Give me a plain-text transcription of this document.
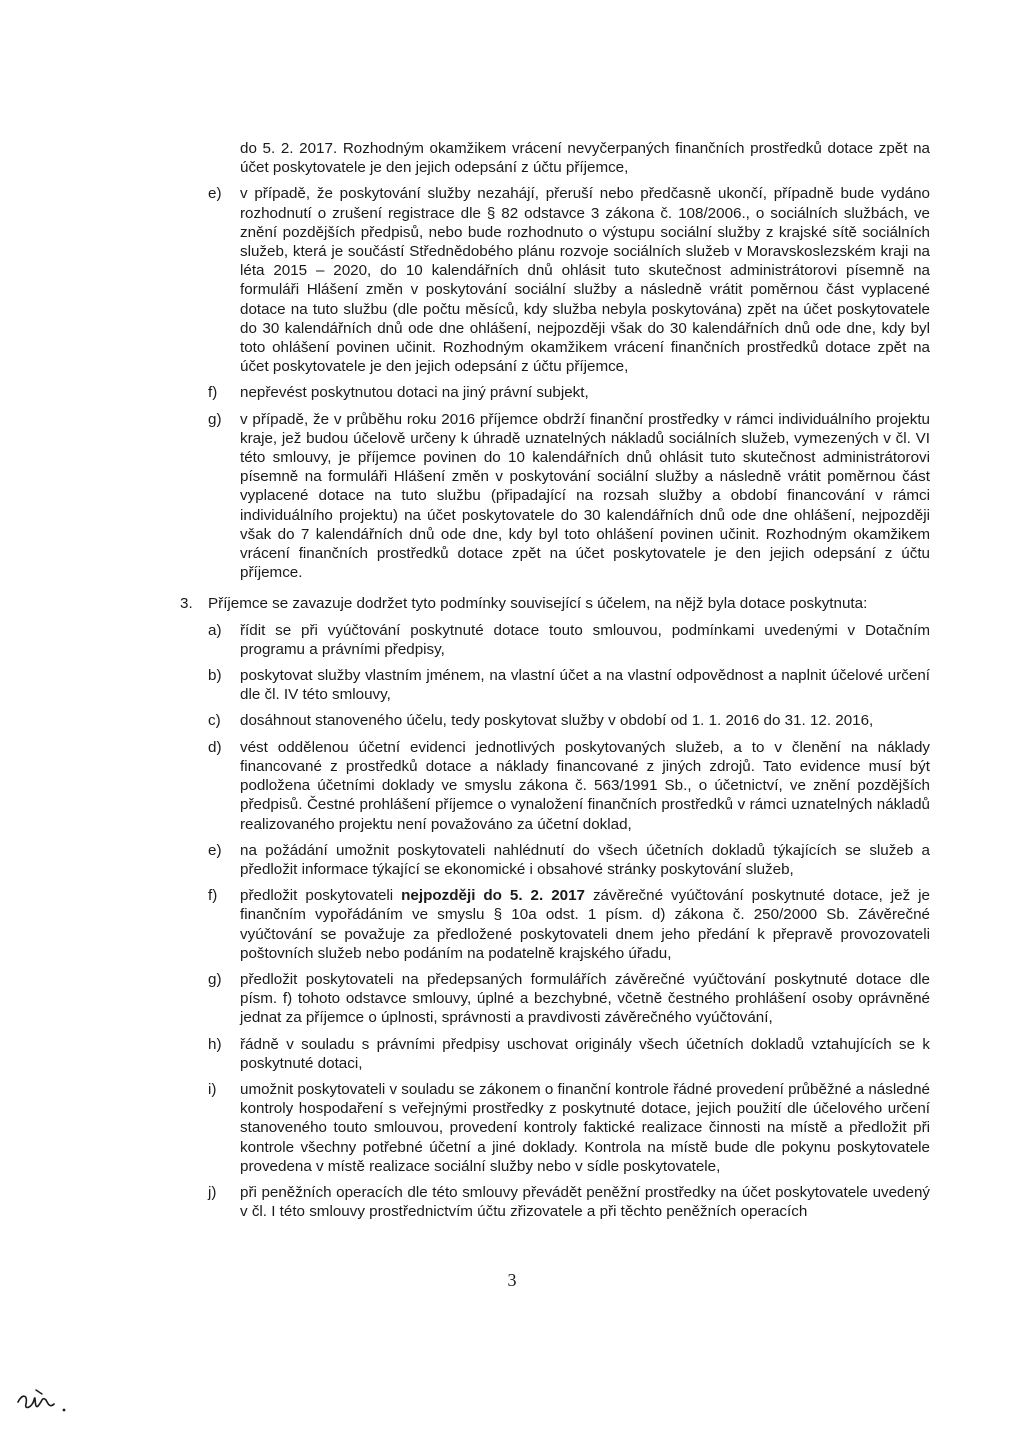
do 5. 2. 2017. Rozhodným okamžikem vrácení nevyčerpaných finančních prostředků dotace zpět na účet poskytovatele je den jejich odepsání z účtu příjemce,

e) v případě, že poskytování služby nezahájí, přeruší nebo předčasně ukončí, případně bude vydáno rozhodnutí o zrušení registrace dle § 82 odstavce 3 zákona č. 108/2006., o sociálních službách, ve znění pozdějších předpisů, nebo bude rozhodnuto o výstupu sociální služby z krajské sítě sociálních služeb, která je součástí Střednědobého plánu rozvoje sociálních služeb v Moravskoslezském kraji na léta 2015 – 2020, do 10 kalendářních dnů ohlásit tuto skutečnost administrátorovi písemně na formuláři Hlášení změn v poskytování sociální služby a následně vrátit poměrnou část vyplacené dotace na tuto službu (dle počtu měsíců, kdy služba nebyla poskytována) zpět na účet poskytovatele do 30 kalendářních dnů ode dne ohlášení, nejpozději však do 30 kalendářních dnů ode dne, kdy byl toto ohlášení povinen učinit. Rozhodným okamžikem vrácení finančních prostředků dotace zpět na účet poskytovatele je den jejich odepsání z účtu příjemce,

f) nepřevést poskytnutou dotaci na jiný právní subjekt,

g) v případě, že v průběhu roku 2016 příjemce obdrží finanční prostředky v rámci individuálního projektu kraje, jež budou účelově určeny k úhradě uznatelných nákladů sociálních služeb, vymezených v čl. VI této smlouvy, je příjemce povinen do 10 kalendářních dnů ohlásit tuto skutečnost administrátorovi písemně na formuláři Hlášení změn v poskytování sociální služby a následně vrátit poměrnou část vyplacené dotace na tuto službu (připadající na rozsah služby a období financování v rámci individuálního projektu) na účet poskytovatele do 30 kalendářních dnů ode dne ohlášení, nejpozději však do 7 kalendářních dnů ode dne, kdy byl toto ohlášení povinen učinit. Rozhodným okamžikem vrácení finančních prostředků dotace zpět na účet poskytovatele je den jejich odepsání z účtu příjemce.

3. Příjemce se zavazuje dodržet tyto podmínky související s účelem, na nějž byla dotace poskytnuta:

a) řídit se při vyúčtování poskytnuté dotace touto smlouvou, podmínkami uvedenými v Dotačním programu a právními předpisy,

b) poskytovat služby vlastním jménem, na vlastní účet a na vlastní odpovědnost a naplnit účelové určení dle čl. IV této smlouvy,

c) dosáhnout stanoveného účelu, tedy poskytovat služby v období od 1. 1. 2016 do 31. 12. 2016,

d) vést oddělenou účetní evidenci jednotlivých poskytovaných služeb, a to v členění na náklady financované z prostředků dotace a náklady financované z jiných zdrojů. Tato evidence musí být podložena účetními doklady ve smyslu zákona č. 563/1991 Sb., o účetnictví, ve znění pozdějších předpisů. Čestné prohlášení příjemce o vynaložení finančních prostředků v rámci uznatelných nákladů realizovaného projektu není považováno za účetní doklad,

e) na požádání umožnit poskytovateli nahlédnutí do všech účetních dokladů týkajících se služeb a předložit informace týkající se ekonomické i obsahové stránky poskytování služeb,

f) předložit poskytovateli nejpozději do 5. 2. 2017 závěrečné vyúčtování poskytnuté dotace, jež je finančním vypořádáním ve smyslu § 10a odst. 1 písm. d) zákona č. 250/2000 Sb. Závěrečné vyúčtování se považuje za předložené poskytovateli dnem jeho předání k přepravě provozovateli poštovních služeb nebo podáním na podatelně krajského úřadu,

g) předložit poskytovateli na předepsaných formulářích závěrečné vyúčtování poskytnuté dotace dle písm. f) tohoto odstavce smlouvy, úplné a bezchybné, včetně čestného prohlášení osoby oprávněné jednat za příjemce o úplnosti, správnosti a pravdivosti závěrečného vyúčtování,

h) řádně v souladu s právními předpisy uschovat originály všech účetních dokladů vztahujících se k poskytnuté dotaci,

i) umožnit poskytovateli v souladu se zákonem o finanční kontrole řádné provedení průběžné a následné kontroly hospodaření s veřejnými prostředky z poskytnuté dotace, jejich použití dle účelového určení stanoveného touto smlouvou, provedení kontroly faktické realizace činnosti na místě a předložit při kontrole všechny potřebné účetní a jiné doklady. Kontrola na místě bude dle pokynu poskytovatele provedena v místě realizace sociální služby nebo v sídle poskytovatele,

j) při peněžních operacích dle této smlouvy převádět peněžní prostředky na účet poskytovatele uvedený v čl. I této smlouvy prostřednictvím účtu zřizovatele a při těchto peněžních operacích

3
